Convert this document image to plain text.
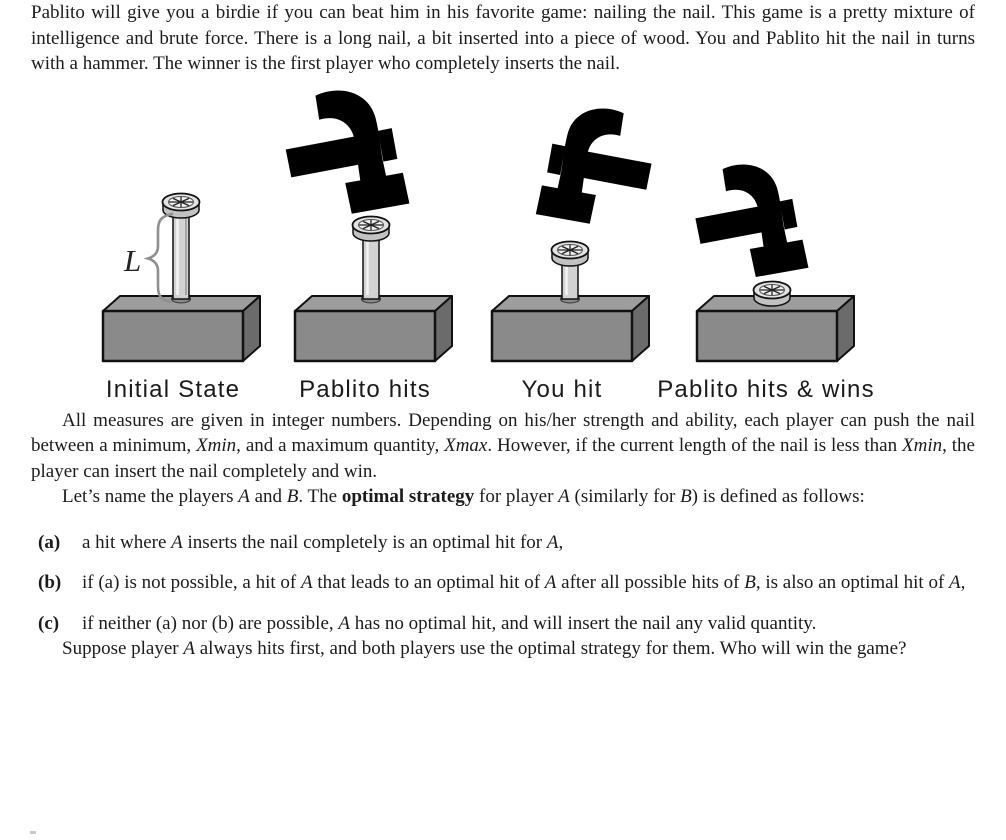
Pablito will give you a birdie if you can beat him in his favorite game: nailing the nail. This game is a pretty mixture of intelligence and brute force. There is a long nail, a bit inserted into a piece of wood. You and Pablito hit the nail in turns with a hammer. The winner is the first player who completely inserts the nail.

L
Initial State Pablito hits	You hit Pablito hits & wins

All measures are given in integer numbers. Depending on his/her strength and ability, each player can push the nail between a minimum, Xmin, and a maximum quantity, Xmax. However, if the current length of the nail is less than Xmin, the player can insert the nail completely and win.

Let’s name the players A and B. The optimal strategy for player A (similarly for B) is defined as follows:

(a) a hit where A inserts the nail completely is an optimal hit for A,
(b) if (a) is not possible, a hit of A that leads to an optimal hit of A after all possible hits of B, is also an optimal hit of A,
(c) if neither (a) nor (b) are possible, A has no optimal hit, and will insert the nail any valid quantity.

Suppose player A always hits first, and both players use the optimal strategy for them. Who will win the game?
